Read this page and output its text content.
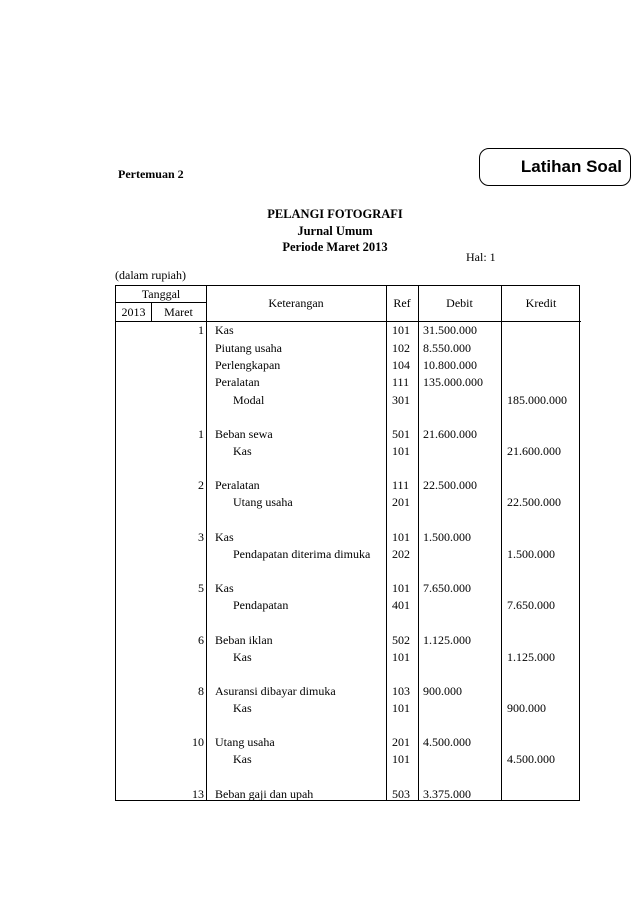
Pertemuan 2	Latihan Soal
PELANGI FOTOGRAFI
Jurnal Umum
Periode Maret 2013
Hal: 1
(dalam rupiah)
Tanggal
2013	Maret
Keterangan	Ref	Debit	Kredit
1 Kas	101 31.500.000
Piutang usaha	102 8.550.000
Perlengkapan	104 10.800.000
Peralatan	111 135.000.000
Modal	301	185.000.000
1 Beban sewa	501 21.600.000
Kas	101	21.600.000
2 Peralatan	111 22.500.000
Utang usaha	201	22.500.000
3 Kas	101 1.500.000
Pendapatan diterima dimuka 202	1.500.000
5 Kas	101 7.650.000
Pendapatan	401	7.650.000
6 Beban iklan	502 1.125.000
Kas	101	1.125.000
8 Asuransi dibayar dimuka	103 900.000
Kas	101	900.000
10 Utang usaha	201 4.500.000
Kas	101	4.500.000
13 Beban gaji dan upah	503 3.375.000
